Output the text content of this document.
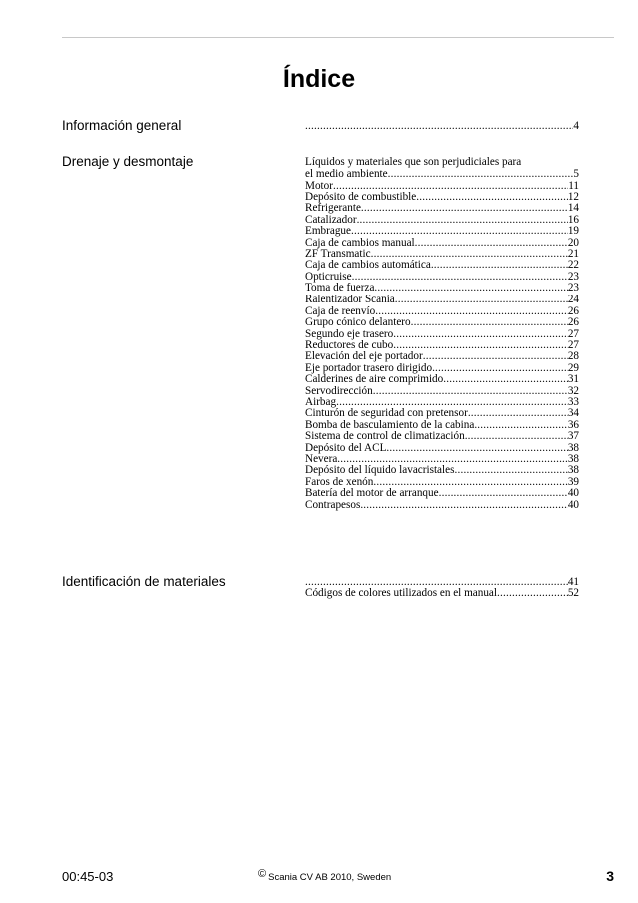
Índice
Información general .....	4
Drenaje y desmontaje	Líquidos y materiales que son perjudiciales para
el medio ambiente .....	5
Motor .....	11
Depósito de combustible .....	12
Refrigerante .....	14
Catalizador .....	16
Embrague .....	19
Caja de cambios manual .....	20
ZF Transmatic .....	21
Caja de cambios automática .....	22
Opticruise .....	23
Toma de fuerza .....	23
Ralentizador Scania .....	24
Caja de reenvío .....	26
Grupo cónico delantero .....	26
Segundo eje trasero .....	27
Reductores de cubo .....	27
Elevación del eje portador .....	28
Eje portador trasero dirigido .....	29
Calderines de aire comprimido .....	31
Servodirección .....	32
Airbag .....	33
Cinturón de seguridad con pretensor .....	34
Bomba de basculamiento de la cabina .....	36
Sistema de control de climatización .....	37
Depósito del ACL .....	38
Nevera .....	38
Depósito del líquido lavacristales .....	38
Faros de xenón .....	39
Batería del motor de arranque .....	40
Contrapesos .....	40
Identificación de materiales .....	41
Códigos de colores utilizados en el manual .....	52
00:45-03	© Scania CV AB 2010, Sweden	3
